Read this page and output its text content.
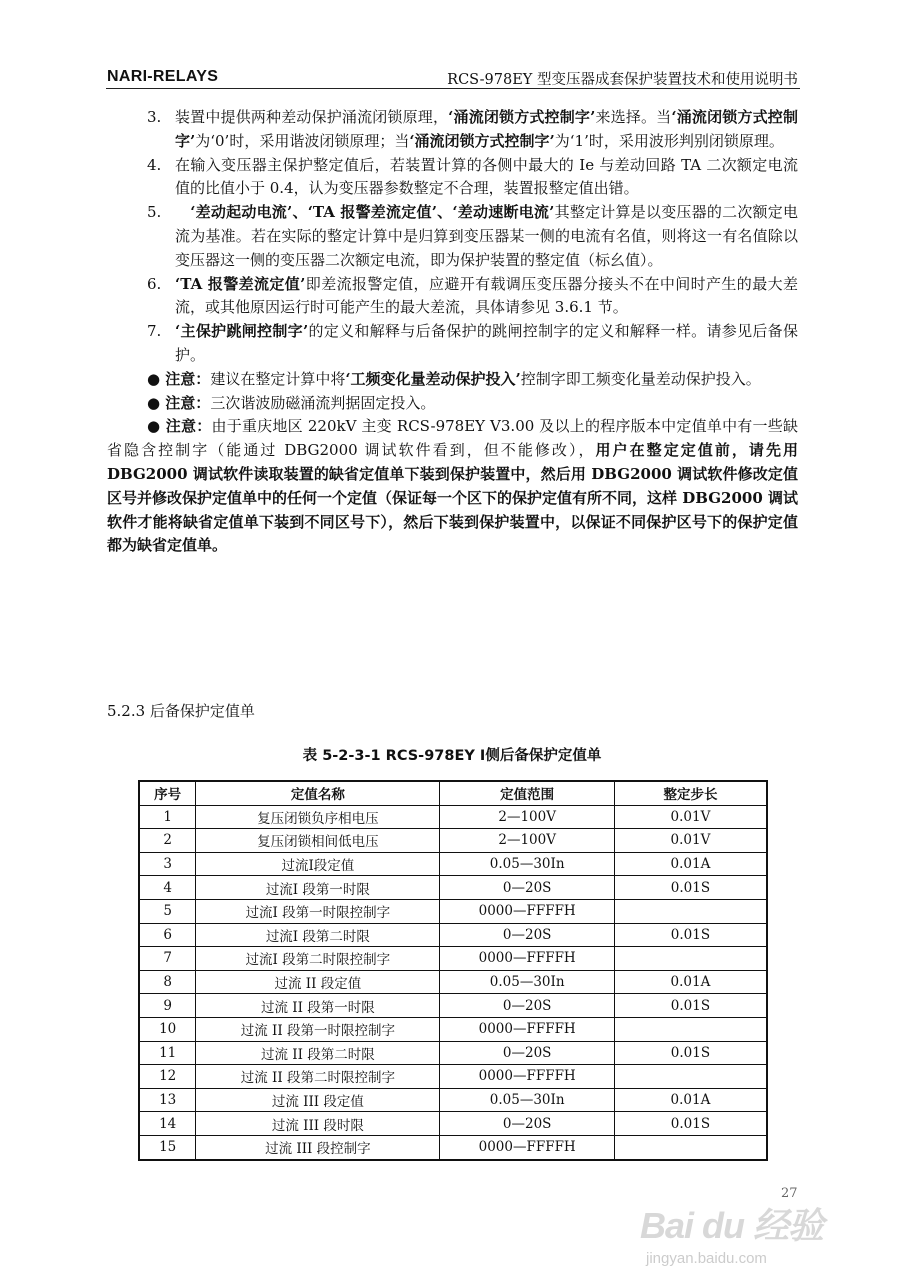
NARI-RELAYS	RCS-978EY 型变压器成套保护装置技术和使用说明书
3. 装置中提供两种差动保护涌流闭锁原理，‘涌流闭锁方式控制字’来选择。当‘涌流闭锁方式控制字’为‘0’时，采用谐波闭锁原理；当‘涌流闭锁方式控制字’为‘1’时，采用波形判别闭锁原理。
4. 在输入变压器主保护整定值后，若装置计算的各侧中最大的 Ie 与差动回路 TA 二次额定电流值的比值小于 0.4，认为变压器参数整定不合理，装置报整定值出错。
5. 　‘差动起动电流’、‘TA 报警差流定值’、‘差动速断电流’其整定计算是以变压器的二次额定电流为基准。若在实际的整定计算中是归算到变压器某一侧的电流有名值，则将这一有名值除以变压器这一侧的变压器二次额定电流，即为保护装置的整定值（标幺值）。
6. ‘TA 报警差流定值’即差流报警定值，应避开有载调压变压器分接头不在中间时产生的最大差流，或其他原因运行时可能产生的最大差流，具体请参见 3.6.1 节。
7. ‘主保护跳闸控制字’的定义和解释与后备保护的跳闸控制字的定义和解释一样。请参见后备保护。
● 注意：建议在整定计算中将‘工频变化量差动保护投入’控制字即工频变化量差动保护投入。
● 注意：三次谐波励磁涌流判据固定投入。
● 注意：由于重庆地区 220kV 主变 RCS-978EY V3.00 及以上的程序版本中定值单中有一些缺省隐含控制字（能通过 DBG2000 调试软件看到，但不能修改），用户在整定定值前，请先用 DBG2000 调试软件读取装置的缺省定值单下装到保护装置中，然后用 DBG2000 调试软件修改定值区号并修改保护定值单中的任何一个定值（保证每一个区下的保护定值有所不同，这样 DBG2000 调试软件才能将缺省定值单下装到不同区号下），然后下装到保护装置中，以保证不同保护区号下的保护定值都为缺省定值单。
5.2.3 后备保护定值单
表 5-2-3-1 RCS-978EY Ⅰ侧后备保护定值单
序号	定值名称	定值范围	整定步长
1	复压闭锁负序相电压	2—100V	0.01V
2	复压闭锁相间低电压	2—100V	0.01V
3	过流Ⅰ段定值	0.05—30In	0.01A
4	过流Ⅰ 段第一时限	0—20S	0.01S
5	过流Ⅰ 段第一时限控制字	0000—FFFFH	
6	过流Ⅰ 段第二时限	0—20S	0.01S
7	过流Ⅰ 段第二时限控制字	0000—FFFFH	
8	过流 II 段定值	0.05—30In	0.01A
9	过流 II 段第一时限	0—20S	0.01S
10	过流 II 段第一时限控制字	0000—FFFFH	
11	过流 II 段第二时限	0—20S	0.01S
12	过流 II 段第二时限控制字	0000—FFFFH	
13	过流 III 段定值	0.05—30In	0.01A
14	过流 III 段时限	0—20S	0.01S
15	过流 III 段控制字	0000—FFFFH	
27
Bai du 经验
jingyan.baidu.com
